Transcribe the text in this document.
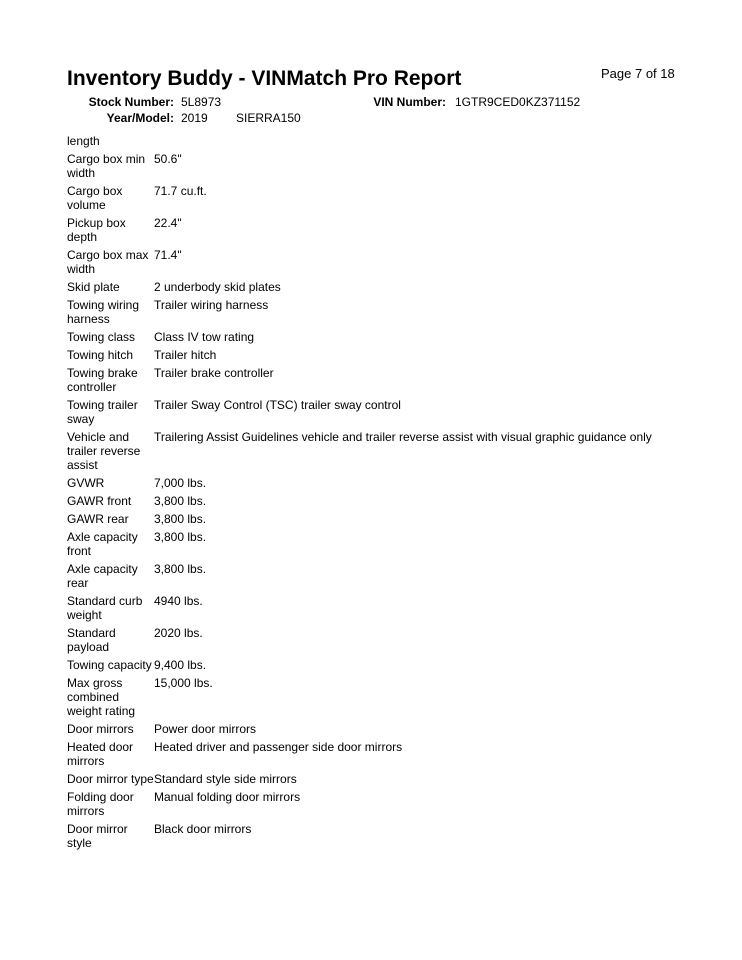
Page 7 of 18
Inventory Buddy - VINMatch Pro Report
Stock Number: 5L8973	VIN Number: 1GTR9CED0KZ371152
Year/Model: 2019 SIERRA150
length	
Cargo box min width	50.6"
Cargo box volume	71.7 cu.ft.
Pickup box depth	22.4"
Cargo box max width	71.4"
Skid plate	2 underbody skid plates
Towing wiring harness	Trailer wiring harness
Towing class	Class IV tow rating
Towing hitch	Trailer hitch
Towing brake controller	Trailer brake controller
Towing trailer sway	Trailer Sway Control (TSC) trailer sway control
Vehicle and trailer reverse assist	Trailering Assist Guidelines vehicle and trailer reverse assist with visual graphic guidance only
GVWR	7,000 lbs.
GAWR front	3,800 lbs.
GAWR rear	3,800 lbs.
Axle capacity front	3,800 lbs.
Axle capacity rear	3,800 lbs.
Standard curb weight	4940 lbs.
Standard payload	2020 lbs.
Towing capacity	9,400 lbs.
Max gross combined weight rating	15,000 lbs.
Door mirrors	Power door mirrors
Heated door mirrors	Heated driver and passenger side door mirrors
Door mirror type	Standard style side mirrors
Folding door mirrors	Manual folding door mirrors
Door mirror style	Black door mirrors
